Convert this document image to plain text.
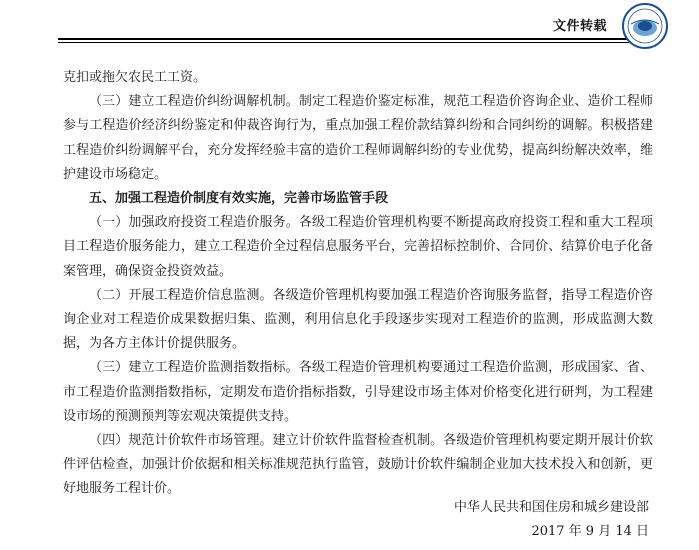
文件转载

克扣或拖欠农民工工资。

（三）建立工程造价纠纷调解机制。制定工程造价鉴定标准，规范工程造价咨询企业、造价工程师参与工程造价经济纠纷鉴定和仲裁咨询行为，重点加强工程价款结算纠纷和合同纠纷的调解。积极搭建工程造价纠纷调解平台，充分发挥经验丰富的造价工程师调解纠纷的专业优势，提高纠纷解决效率，维护建设市场稳定。

五、加强工程造价制度有效实施，完善市场监管手段

（一）加强政府投资工程造价服务。各级工程造价管理机构要不断提高政府投资工程和重大工程项目工程造价服务能力，建立工程造价全过程信息服务平台，完善招标控制价、合同价、结算价电子化备案管理，确保资金投资效益。

（二）开展工程造价信息监测。各级造价管理机构要加强工程造价咨询服务监督，指导工程造价咨询企业对工程造价成果数据归集、监测，利用信息化手段逐步实现对工程造价的监测，形成监测大数据，为各方主体计价提供服务。

（三）建立工程造价监测指数指标。各级工程造价管理机构要通过工程造价监测，形成国家、省、市工程造价监测指数指标，定期发布造价指标指数，引导建设市场主体对价格变化进行研判，为工程建设市场的预测预判等宏观决策提供支持。

（四）规范计价软件市场管理。建立计价软件监督检查机制。各级造价管理机构要定期开展计价软件评估检查，加强计价依据和相关标准规范执行监管，鼓励计价软件编制企业加大技术投入和创新，更好地服务工程计价。

中华人民共和国住房和城乡建设部
2017 年 9 月 14 日
